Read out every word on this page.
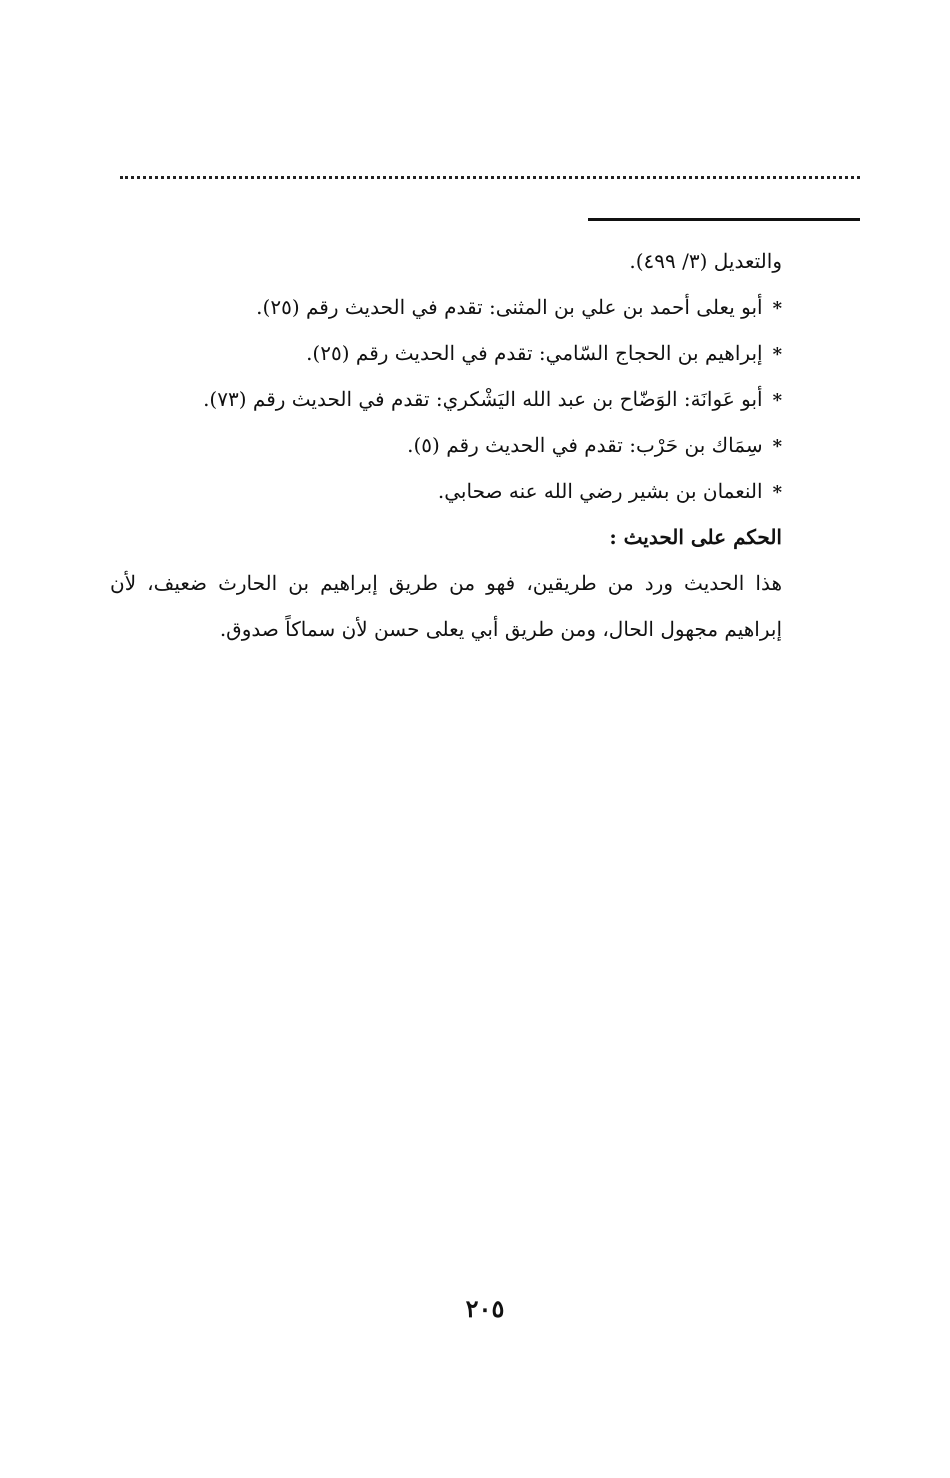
والتعديل (٣/ ٤٩٩).
*أبو يعلى أحمد بن علي بن المثنى: تقدم في الحديث رقم (٢٥).
*إبراهيم بن الحجاج السّامي: تقدم في الحديث رقم (٢٥).
*أبو عَوانَة: الوَضّاح بن عبد الله اليَشْكري: تقدم في الحديث رقم (٧٣).
*سِمَاك بن حَرْب: تقدم في الحديث رقم (٥).
*النعمان بن بشير رضي الله عنه صحابي.
الحكم على الحديث :
هذا الحديث ورد من طريقين، فهو من طريق إبراهيم بن الحارث ضعيف، لأن إبراهيم مجهول الحال، ومن طريق أبي يعلى حسن لأن سماكاً صدوق.
٢٠٥
